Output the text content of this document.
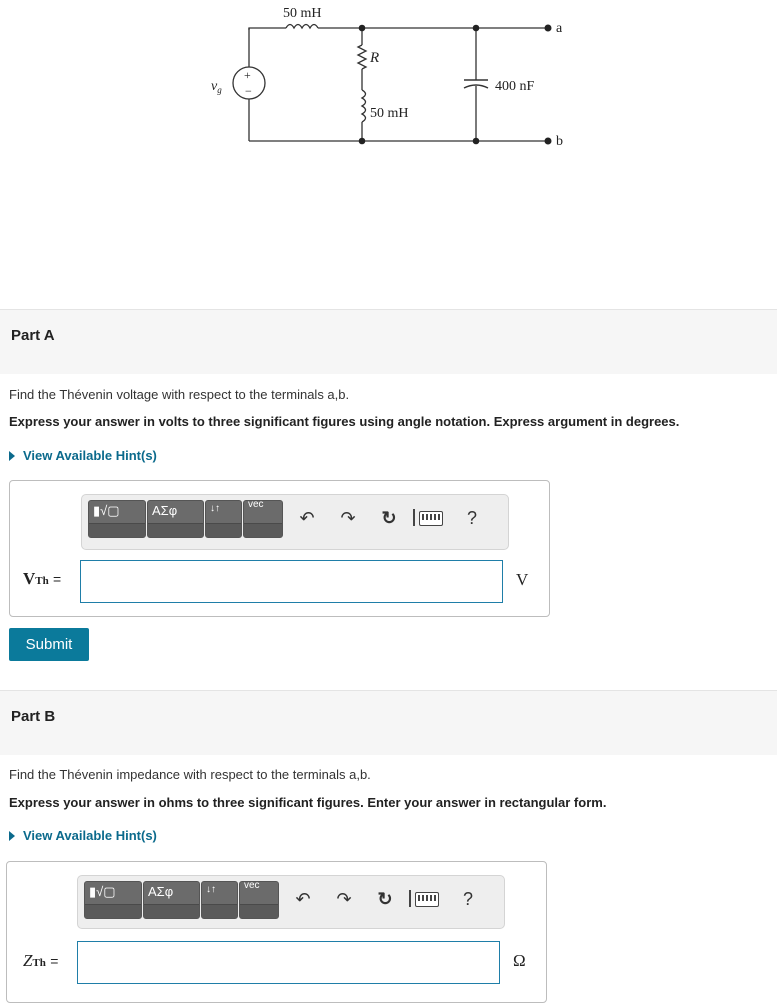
50 mH
R
50 mH
400 nF
$v_g$
+
−
a
b
Part A
Find the Thévenin voltage with respect to the terminals a,b.
Express your answer in volts to three significant figures using angle notation. Express argument in degrees.
View Available Hint(s)
▮√▢ ΑΣφ	↓↑	vec
↶	↷	↻	?
VTh =	V
Submit
Part B
Find the Thévenin impedance with respect to the terminals a,b.
Express your answer in ohms to three significant figures. Enter your answer in rectangular form.
View Available Hint(s)
▮√▢ ΑΣφ	↓↑	vec
↶	↷	↻	?
ZTh =	Ω
